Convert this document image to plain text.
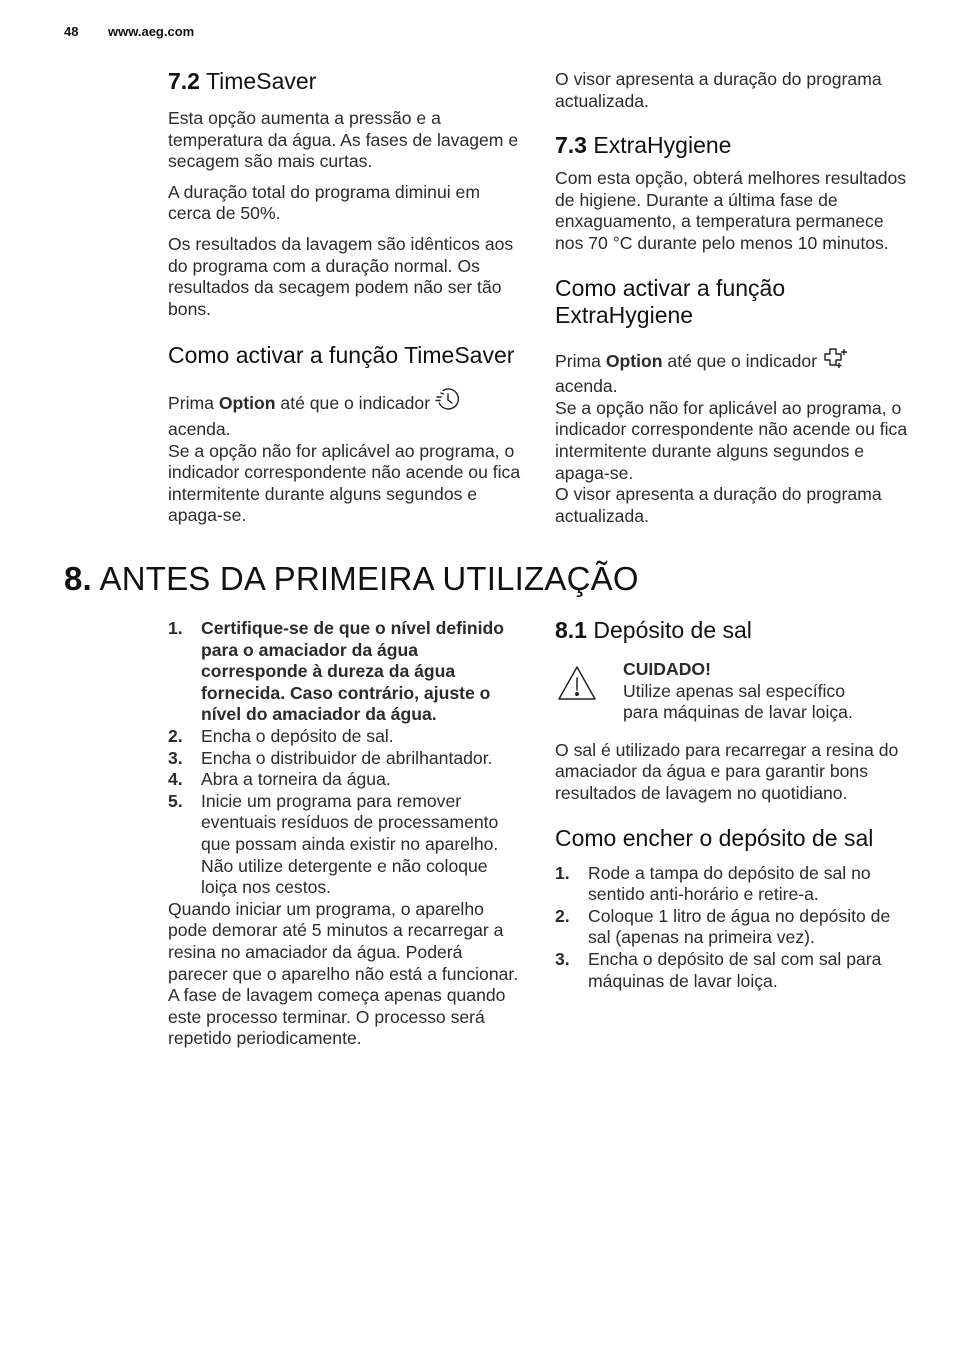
48 www.aeg.com
7.2 TimeSaver

Esta opção aumenta a pressão e a temperatura da água. As fases de lavagem e secagem são mais curtas.

A duração total do programa diminui em cerca de 50%.

Os resultados da lavagem são idênticos aos do programa com a duração normal. Os resultados da secagem podem não ser tão bons.

Como activar a função TimeSaver

Prima Option até que o indicador
acenda.
Se a opção não for aplicável ao programa, o indicador correspondente não acende ou fica intermitente durante alguns segundos e apaga-se.

O visor apresenta a duração do programa actualizada.

7.3 ExtraHygiene

Com esta opção, obterá melhores resultados de higiene. Durante a última fase de enxaguamento, a temperatura permanece nos 70 °C durante pelo menos 10 minutos.

Como activar a função ExtraHygiene

Prima Option até que o indicador
acenda.
Se a opção não for aplicável ao programa, o indicador correspondente não acende ou fica intermitente durante alguns segundos e apaga-se.
O visor apresenta a duração do programa actualizada.

8. ANTES DA PRIMEIRA UTILIZAÇÃO
1. Certifique-se de que o nível definido para o amaciador da água corresponde à dureza da água fornecida. Caso contrário, ajuste o nível do amaciador da água.
2. Encha o depósito de sal.
3. Encha o distribuidor de abrilhantador.
4. Abra a torneira da água.
5. Inicie um programa para remover eventuais resíduos de processamento que possam ainda existir no aparelho. Não utilize detergente e não coloque loiça nos cestos.

Quando iniciar um programa, o aparelho pode demorar até 5 minutos a recarregar a resina no amaciador da água. Poderá parecer que o aparelho não está a funcionar. A fase de lavagem começa apenas quando este processo terminar. O processo será repetido periodicamente.

8.1 Depósito de sal
CUIDADO!
Utilize apenas sal específico para máquinas de lavar loiça.

O sal é utilizado para recarregar a resina do amaciador da água e para garantir bons resultados de lavagem no quotidiano.

Como encher o depósito de sal
1. Rode a tampa do depósito de sal no sentido anti-horário e retire-a.
2. Coloque 1 litro de água no depósito de sal (apenas na primeira vez).
3. Encha o depósito de sal com sal para máquinas de lavar loiça.
